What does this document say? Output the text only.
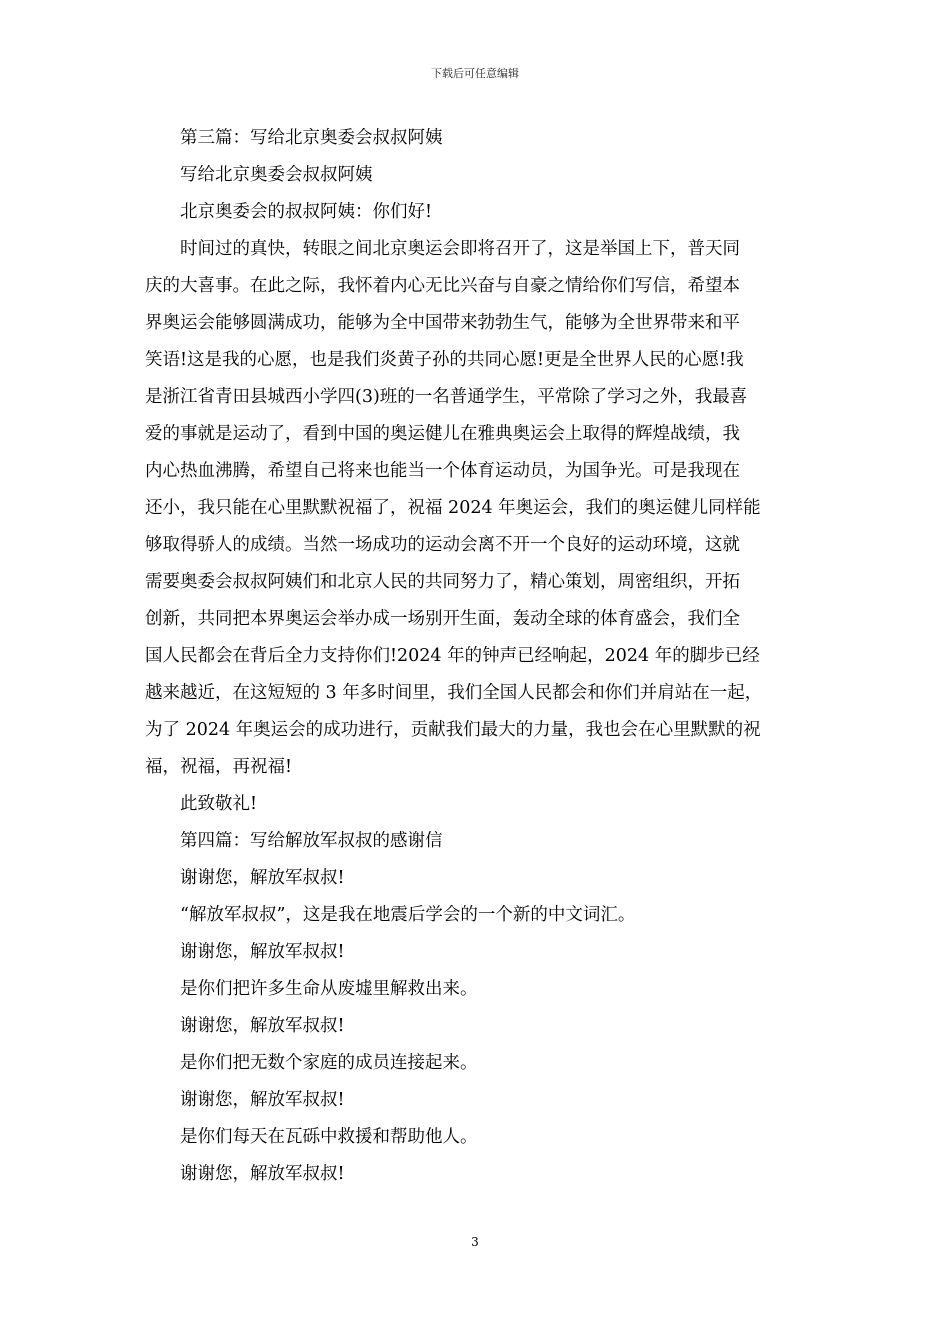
下载后可任意编辑
第三篇：写给北京奥委会叔叔阿姨
写给北京奥委会叔叔阿姨
北京奥委会的叔叔阿姨：你们好!
时间过的真快，转眼之间北京奥运会即将召开了，这是举国上下，普天同
庆的大喜事。在此之际，我怀着内心无比兴奋与自豪之情给你们写信，希望本
界奥运会能够圆满成功，能够为全中国带来勃勃生气，能够为全世界带来和平
笑语!这是我的心愿，也是我们炎黄子孙的共同心愿!更是全世界人民的心愿!我
是浙江省青田县城西小学四(3)班的一名普通学生，平常除了学习之外，我最喜
爱的事就是运动了，看到中国的奥运健儿在雅典奥运会上取得的辉煌战绩，我
内心热血沸腾，希望自己将来也能当一个体育运动员，为国争光。可是我现在
还小，我只能在心里默默祝福了，祝福 2024 年奥运会，我们的奥运健儿同样能
够取得骄人的成绩。当然一场成功的运动会离不开一个良好的运动环境，这就
需要奥委会叔叔阿姨们和北京人民的共同努力了，精心策划，周密组织，开拓
创新，共同把本界奥运会举办成一场别开生面，轰动全球的体育盛会，我们全
国人民都会在背后全力支持你们!2024 年的钟声已经响起，2024 年的脚步已经
越来越近，在这短短的 3 年多时间里，我们全国人民都会和你们并肩站在一起，
为了 2024 年奥运会的成功进行，贡献我们最大的力量，我也会在心里默默的祝
福，祝福，再祝福!
此致敬礼!
第四篇：写给解放军叔叔的感谢信
谢谢您，解放军叔叔!
“解放军叔叔”，这是我在地震后学会的一个新的中文词汇。
谢谢您，解放军叔叔!
是你们把许多生命从废墟里解救出来。
谢谢您，解放军叔叔!
是你们把无数个家庭的成员连接起来。
谢谢您，解放军叔叔!
是你们每天在瓦砾中救援和帮助他人。
谢谢您，解放军叔叔!
3
